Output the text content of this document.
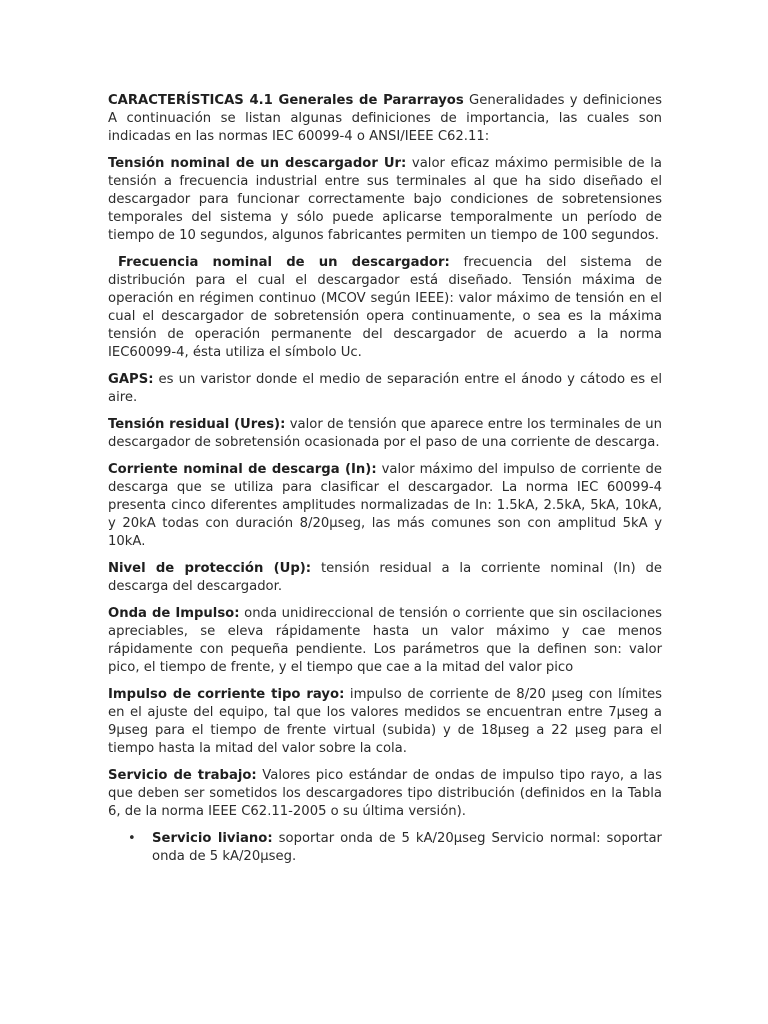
CARACTERÍSTICAS 4.1 Generales de Pararrayos Generalidades y definiciones A continuación se listan algunas definiciones de importancia, las cuales son indicadas en las normas IEC 60099-4 o ANSI/IEEE C62.11:

Tensión nominal de un descargador Ur: valor eficaz máximo permisible de la tensión a frecuencia industrial entre sus terminales al que ha sido diseñado el descargador para funcionar correctamente bajo condiciones de sobretensiones temporales del sistema y sólo puede aplicarse temporalmente un período de tiempo de 10 segundos, algunos fabricantes permiten un tiempo de 100 segundos.

Frecuencia nominal de un descargador: frecuencia del sistema de distribución para el cual el descargador está diseñado. Tensión máxima de operación en régimen continuo (MCOV según IEEE): valor máximo de tensión en el cual el descargador de sobretensión opera continuamente, o sea es la máxima tensión de operación permanente del descargador de acuerdo a la norma IEC60099-4, ésta utiliza el símbolo Uc.

GAPS: es un varistor donde el medio de separación entre el ánodo y cátodo es el aire.

Tensión residual (Ures): valor de tensión que aparece entre los terminales de un descargador de sobretensión ocasionada por el paso de una corriente de descarga.

Corriente nominal de descarga (In): valor máximo del impulso de corriente de descarga que se utiliza para clasificar el descargador. La norma IEC 60099-4 presenta cinco diferentes amplitudes normalizadas de In: 1.5kA, 2.5kA, 5kA, 10kA, y 20kA todas con duración 8/20µseg, las más comunes son con amplitud 5kA y 10kA.

Nivel de protección (Up): tensión residual a la corriente nominal (In) de descarga del descargador.

Onda de Impulso: onda unidireccional de tensión o corriente que sin oscilaciones apreciables, se eleva rápidamente hasta un valor máximo y cae menos rápidamente con pequeña pendiente. Los parámetros que la definen son: valor pico, el tiempo de frente, y el tiempo que cae a la mitad del valor pico

Impulso de corriente tipo rayo: impulso de corriente de 8/20 µseg con límites en el ajuste del equipo, tal que los valores medidos se encuentran entre 7µseg a 9µseg para el tiempo de frente virtual (subida) y de 18µseg a 22 µseg para el tiempo hasta la mitad del valor sobre la cola.

Servicio de trabajo: Valores pico estándar de ondas de impulso tipo rayo, a las que deben ser sometidos los descargadores tipo distribución (definidos en la Tabla 6, de la norma IEEE C62.11-2005 o su última versión).

• Servicio liviano: soportar onda de 5 kA/20µseg Servicio normal: soportar onda de 5 kA/20µseg.
